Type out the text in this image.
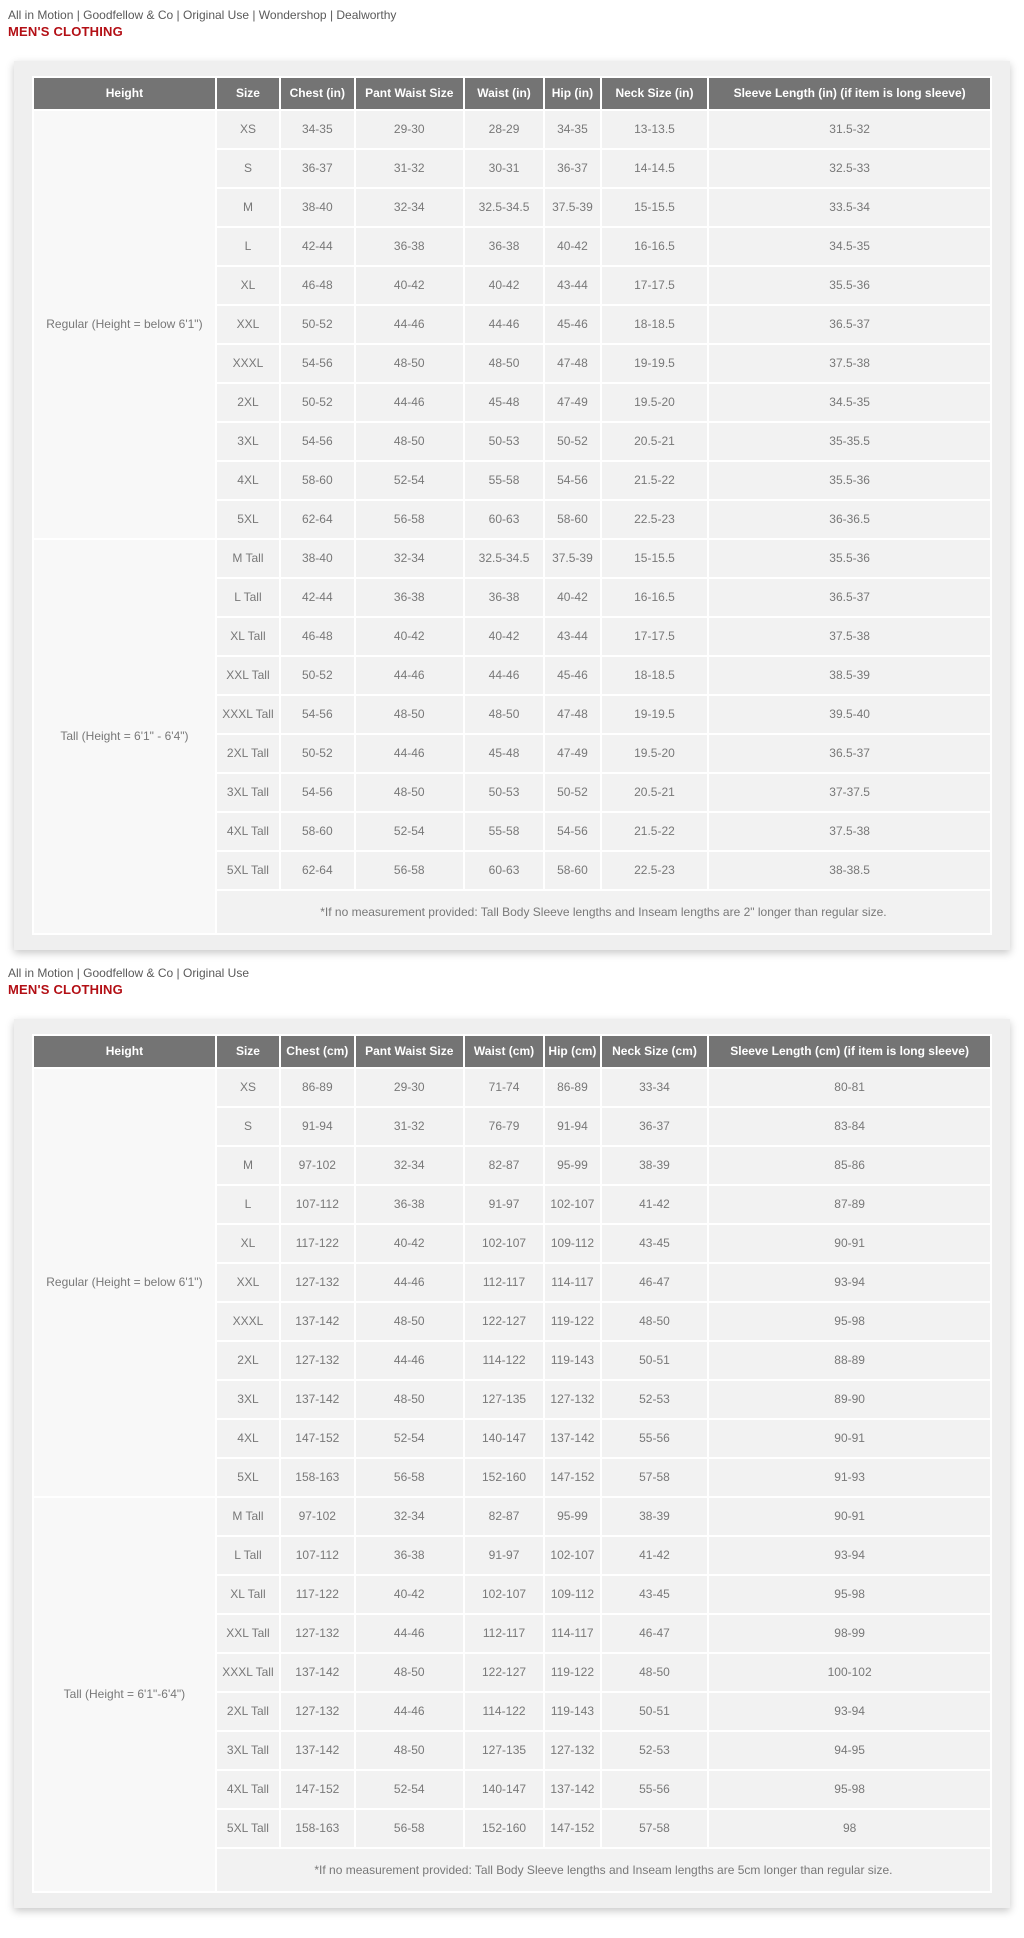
All in Motion | Goodfellow & Co | Original Use | Wondershop | Dealworthy

MEN'S CLOTHING
Height	Size	Chest (in)	Pant Waist Size	Waist (in)	Hip (in)	Neck Size (in)	Sleeve Length (in) (if item is long sleeve)
Regular (Height = below 6'1")	XS	34-35	29-30	28-29	34-35	13-13.5	31.5-32
	S	36-37	31-32	30-31	36-37	14-14.5	32.5-33
	M	38-40	32-34	32.5-34.5	37.5-39	15-15.5	33.5-34
	L	42-44	36-38	36-38	40-42	16-16.5	34.5-35
	XL	46-48	40-42	40-42	43-44	17-17.5	35.5-36
	XXL	50-52	44-46	44-46	45-46	18-18.5	36.5-37
	XXXL	54-56	48-50	48-50	47-48	19-19.5	37.5-38
	2XL	50-52	44-46	45-48	47-49	19.5-20	34.5-35
	3XL	54-56	48-50	50-53	50-52	20.5-21	35-35.5
	4XL	58-60	52-54	55-58	54-56	21.5-22	35.5-36
	5XL	62-64	56-58	60-63	58-60	22.5-23	36-36.5
Tall (Height = 6'1" - 6'4")	M Tall	38-40	32-34	32.5-34.5	37.5-39	15-15.5	35.5-36
	L Tall	42-44	36-38	36-38	40-42	16-16.5	36.5-37
	XL Tall	46-48	40-42	40-42	43-44	17-17.5	37.5-38
	XXL Tall	50-52	44-46	44-46	45-46	18-18.5	38.5-39
	XXXL Tall	54-56	48-50	48-50	47-48	19-19.5	39.5-40
	2XL Tall	50-52	44-46	45-48	47-49	19.5-20	36.5-37
	3XL Tall	54-56	48-50	50-53	50-52	20.5-21	37-37.5
	4XL Tall	58-60	52-54	55-58	54-56	21.5-22	37.5-38
	5XL Tall	62-64	56-58	60-63	58-60	22.5-23	38-38.5
	*If no measurement provided: Tall Body Sleeve lengths and Inseam lengths are 2" longer than regular size.						

All in Motion | Goodfellow & Co | Original Use

MEN'S CLOTHING
Height	Size	Chest (cm)	Pant Waist Size	Waist (cm)	Hip (cm)	Neck Size (cm)	Sleeve Length (cm) (if item is long sleeve)
Regular (Height = below 6'1")	XS	86-89	29-30	71-74	86-89	33-34	80-81
	S	91-94	31-32	76-79	91-94	36-37	83-84
	M	97-102	32-34	82-87	95-99	38-39	85-86
	L	107-112	36-38	91-97	102-107	41-42	87-89
	XL	117-122	40-42	102-107	109-112	43-45	90-91
	XXL	127-132	44-46	112-117	114-117	46-47	93-94
	XXXL	137-142	48-50	122-127	119-122	48-50	95-98
	2XL	127-132	44-46	114-122	119-143	50-51	88-89
	3XL	137-142	48-50	127-135	127-132	52-53	89-90
	4XL	147-152	52-54	140-147	137-142	55-56	90-91
	5XL	158-163	56-58	152-160	147-152	57-58	91-93
Tall (Height = 6'1"-6'4")	M Tall	97-102	32-34	82-87	95-99	38-39	90-91
	L Tall	107-112	36-38	91-97	102-107	41-42	93-94
	XL Tall	117-122	40-42	102-107	109-112	43-45	95-98
	XXL Tall	127-132	44-46	112-117	114-117	46-47	98-99
	XXXL Tall	137-142	48-50	122-127	119-122	48-50	100-102
	2XL Tall	127-132	44-46	114-122	119-143	50-51	93-94
	3XL Tall	137-142	48-50	127-135	127-132	52-53	94-95
	4XL Tall	147-152	52-54	140-147	137-142	55-56	95-98
	5XL Tall	158-163	56-58	152-160	147-152	57-58	98
	*If no measurement provided: Tall Body Sleeve lengths and Inseam lengths are 5cm longer than regular size.						
